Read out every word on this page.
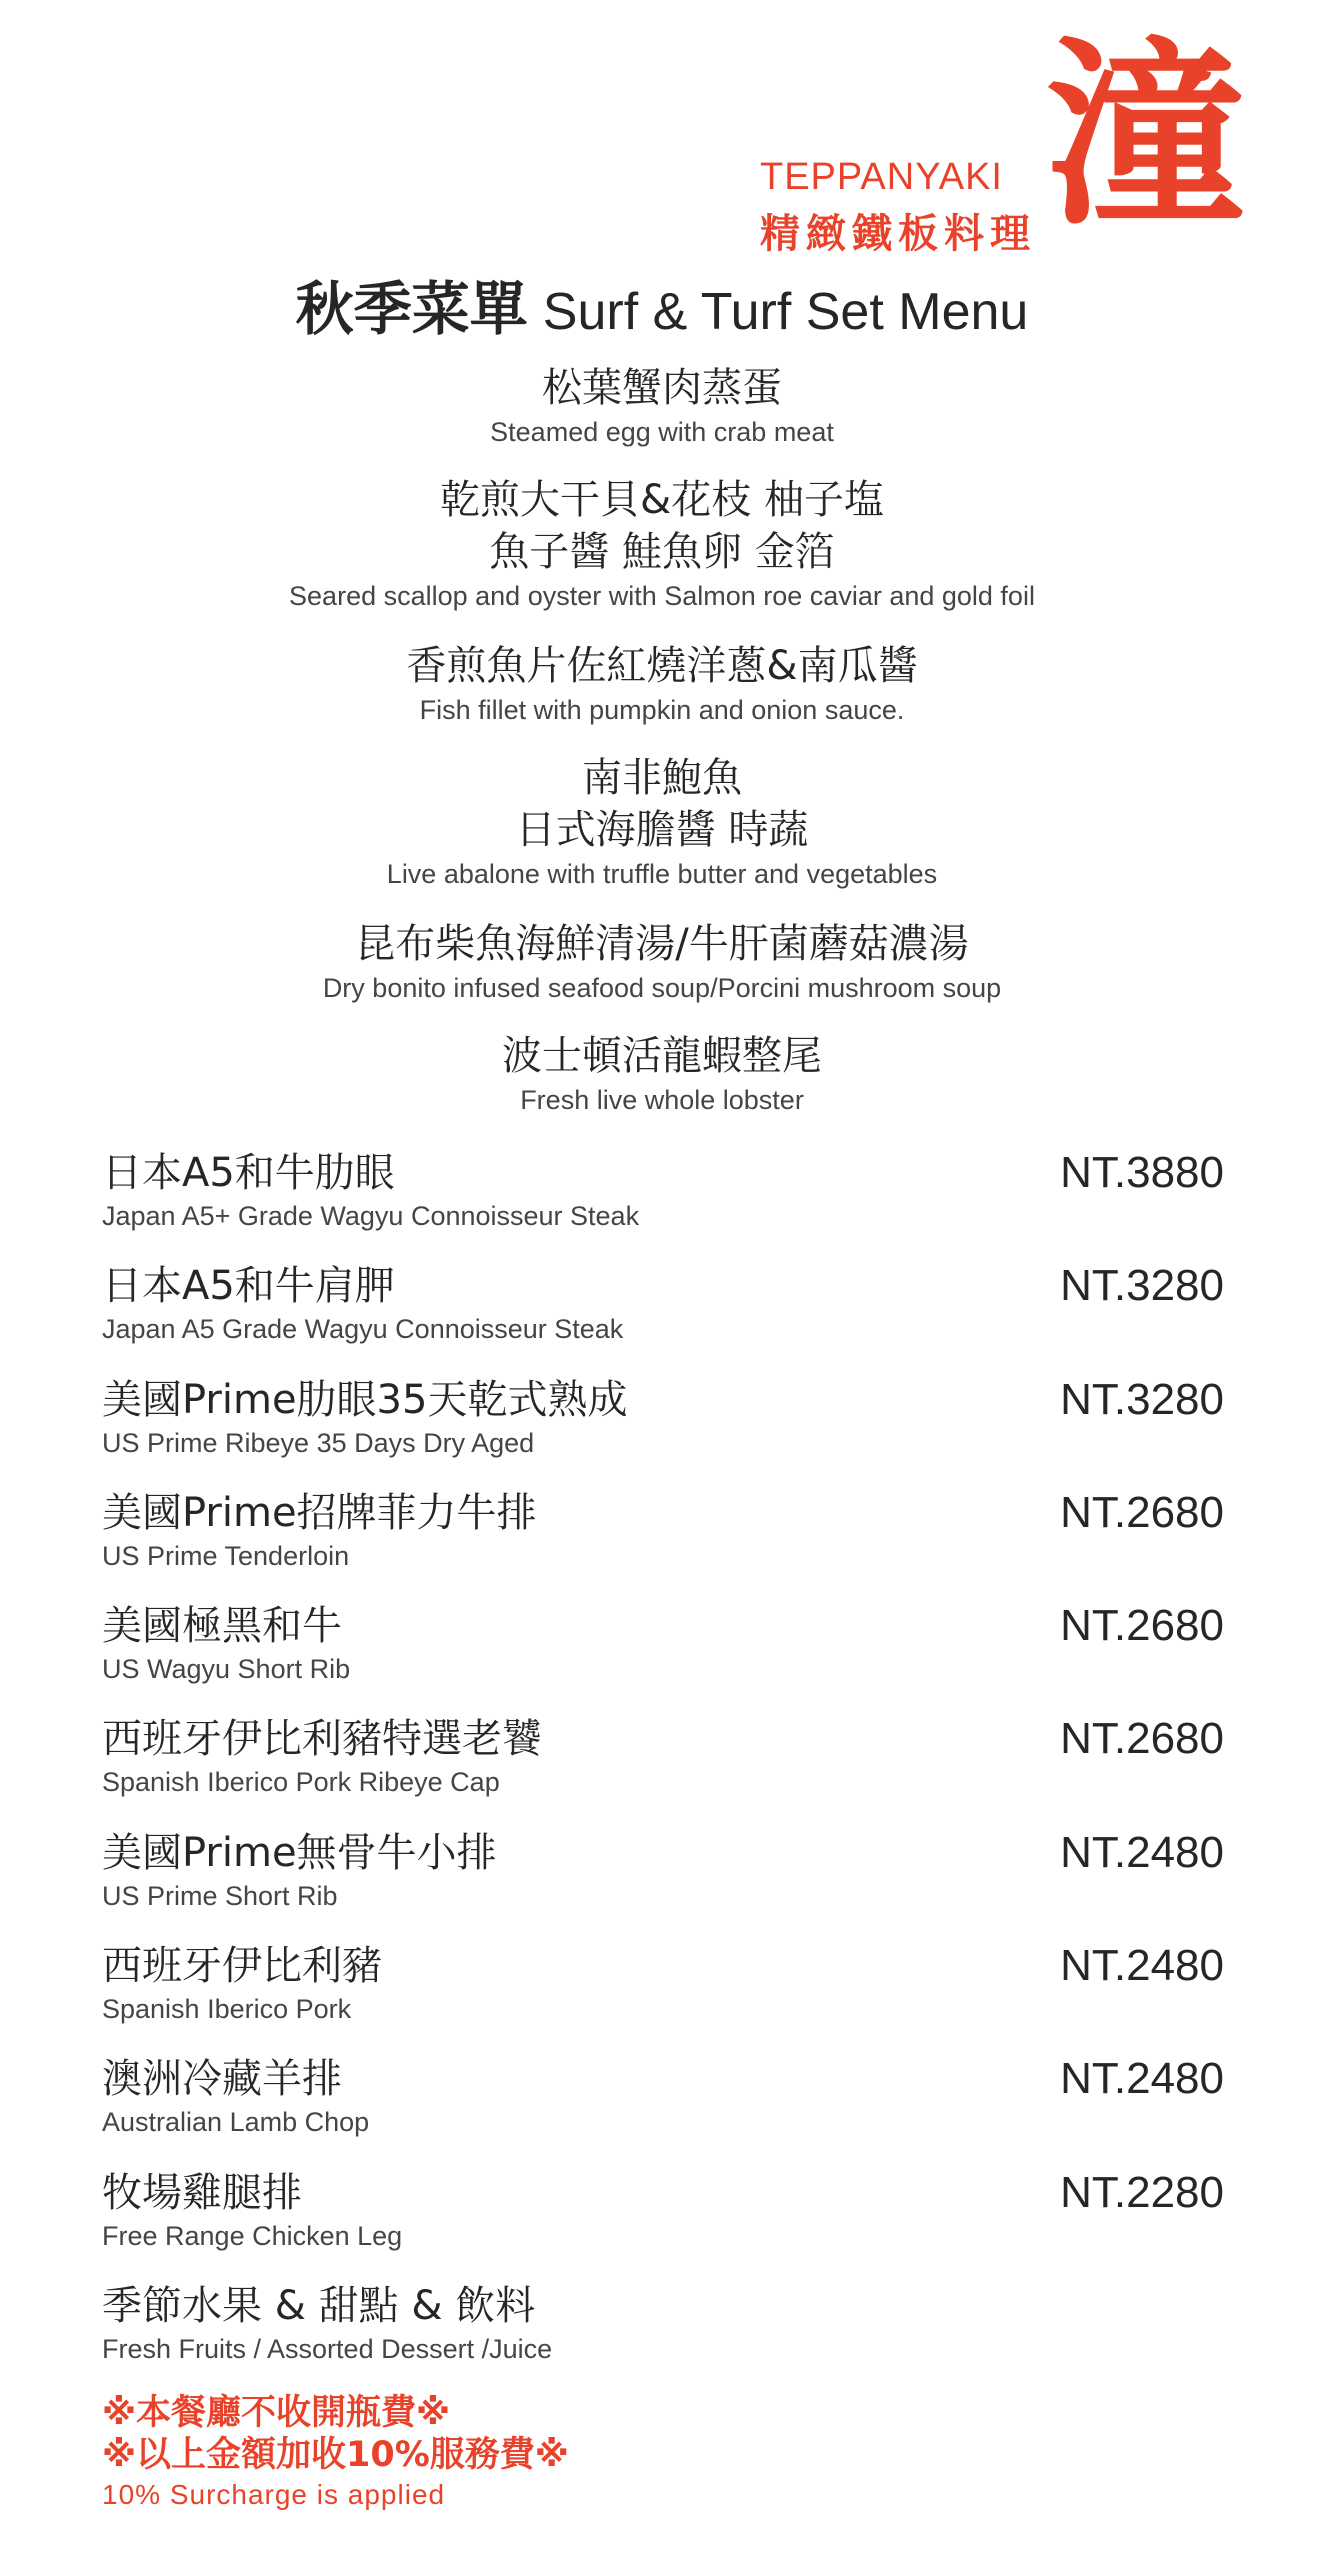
TEPPANYAKI
精緻鐵板料理 潼
秋季菜單 Surf & Turf Set Menu
松葉蟹肉蒸蛋
Steamed egg with crab meat
乾煎大干貝&花枝 柚子塩
魚子醬 鮭魚卵 金箔
Seared scallop and oyster with Salmon roe caviar and gold foil
香煎魚片佐紅燒洋蔥&南瓜醬
Fish fillet with pumpkin and onion sauce.
南非鮑魚
日式海膽醬 時蔬
Live abalone with truffle butter and vegetables
昆布柴魚海鮮清湯/牛肝菌蘑菇濃湯
Dry bonito infused seafood soup/Porcini mushroom soup
波士頓活龍蝦整尾
Fresh live whole lobster
日本A5和牛肋眼
Japan A5+ Grade Wagyu Connoisseur Steak
NT.3880
日本A5和牛肩胛
Japan A5 Grade Wagyu Connoisseur Steak
NT.3280
美國Prime肋眼35天乾式熟成
US Prime Ribeye 35 Days Dry Aged
NT.3280
美國Prime招牌菲力牛排
US Prime Tenderloin
NT.2680
美國極黑和牛
US Wagyu Short Rib
NT.2680
西班牙伊比利豬特選老饕
Spanish Iberico Pork Ribeye Cap
NT.2680
美國Prime無骨牛小排
US Prime Short Rib
NT.2480
西班牙伊比利豬
Spanish Iberico Pork
NT.2480
澳洲冷藏羊排
Australian Lamb Chop
NT.2480
牧場雞腿排
Free Range Chicken Leg
NT.2280
季節水果 & 甜點 & 飲料
Fresh Fruits / Assorted Dessert /Juice
※本餐廳不收開瓶費※
※以上金額加收10%服務費※
10% Surcharge is applied
